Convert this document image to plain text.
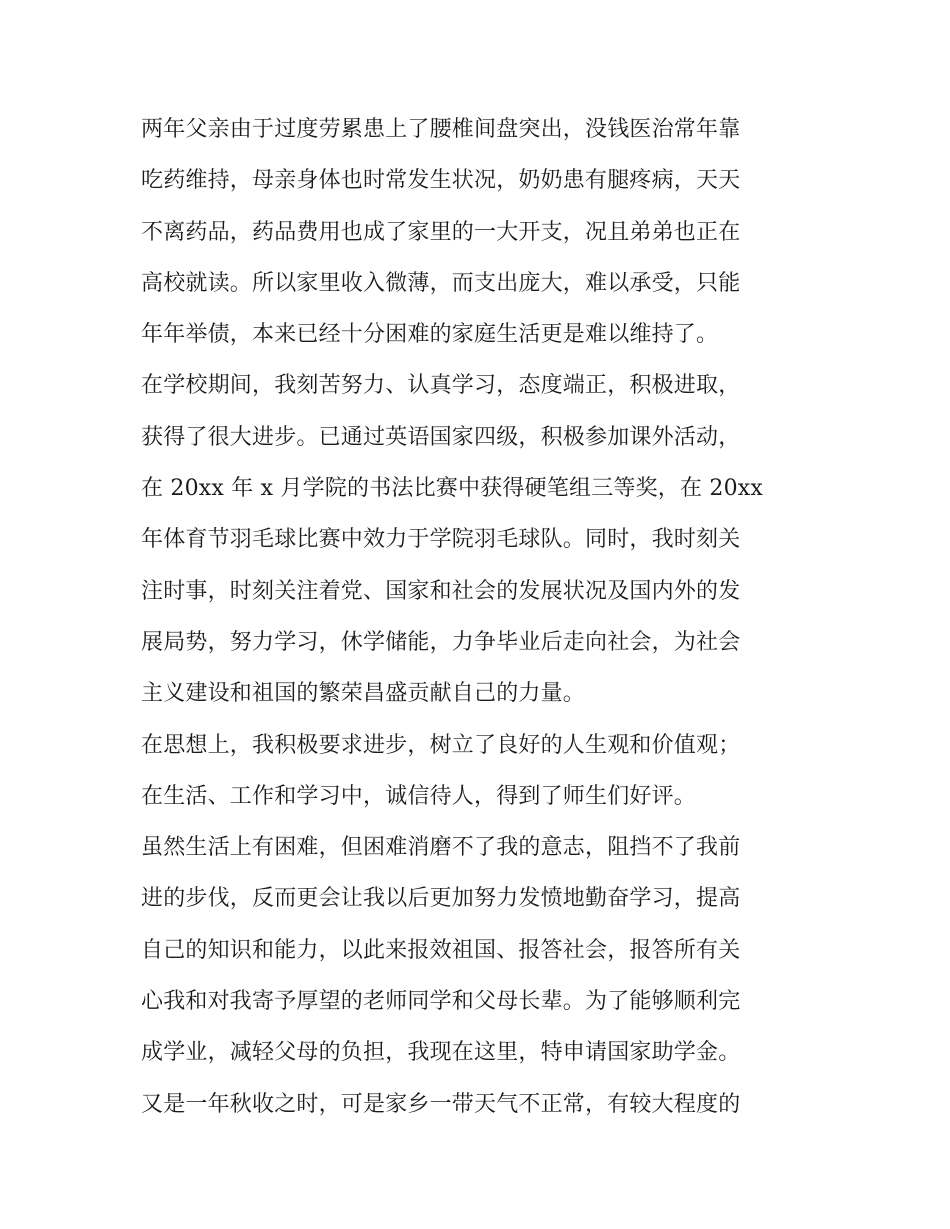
两年父亲由于过度劳累患上了腰椎间盘突出，没钱医治常年靠
吃药维持，母亲身体也时常发生状况，奶奶患有腿疼病，天天
不离药品，药品费用也成了家里的一大开支，况且弟弟也正在
高校就读。所以家里收入微薄，而支出庞大，难以承受，只能
年年举债，本来已经十分困难的家庭生活更是难以维持了。
在学校期间，我刻苦努力、认真学习，态度端正，积极进取，
获得了很大进步。已通过英语国家四级，积极参加课外活动，
在 20xx 年 x 月学院的书法比赛中获得硬笔组三等奖，在 20xx
年体育节羽毛球比赛中效力于学院羽毛球队。同时，我时刻关
注时事，时刻关注着党、国家和社会的发展状况及国内外的发
展局势，努力学习，休学储能，力争毕业后走向社会，为社会
主义建设和祖国的繁荣昌盛贡献自己的力量。
在思想上，我积极要求进步，树立了良好的人生观和价值观；
在生活、工作和学习中，诚信待人，得到了师生们好评。
虽然生活上有困难，但困难消磨不了我的意志，阻挡不了我前
进的步伐，反而更会让我以后更加努力发愤地勤奋学习，提高
自己的知识和能力，以此来报效祖国、报答社会，报答所有关
心我和对我寄予厚望的老师同学和父母长辈。为了能够顺利完
成学业，减轻父母的负担，我现在这里，特申请国家助学金。
又是一年秋收之时，可是家乡一带天气不正常，有较大程度的
